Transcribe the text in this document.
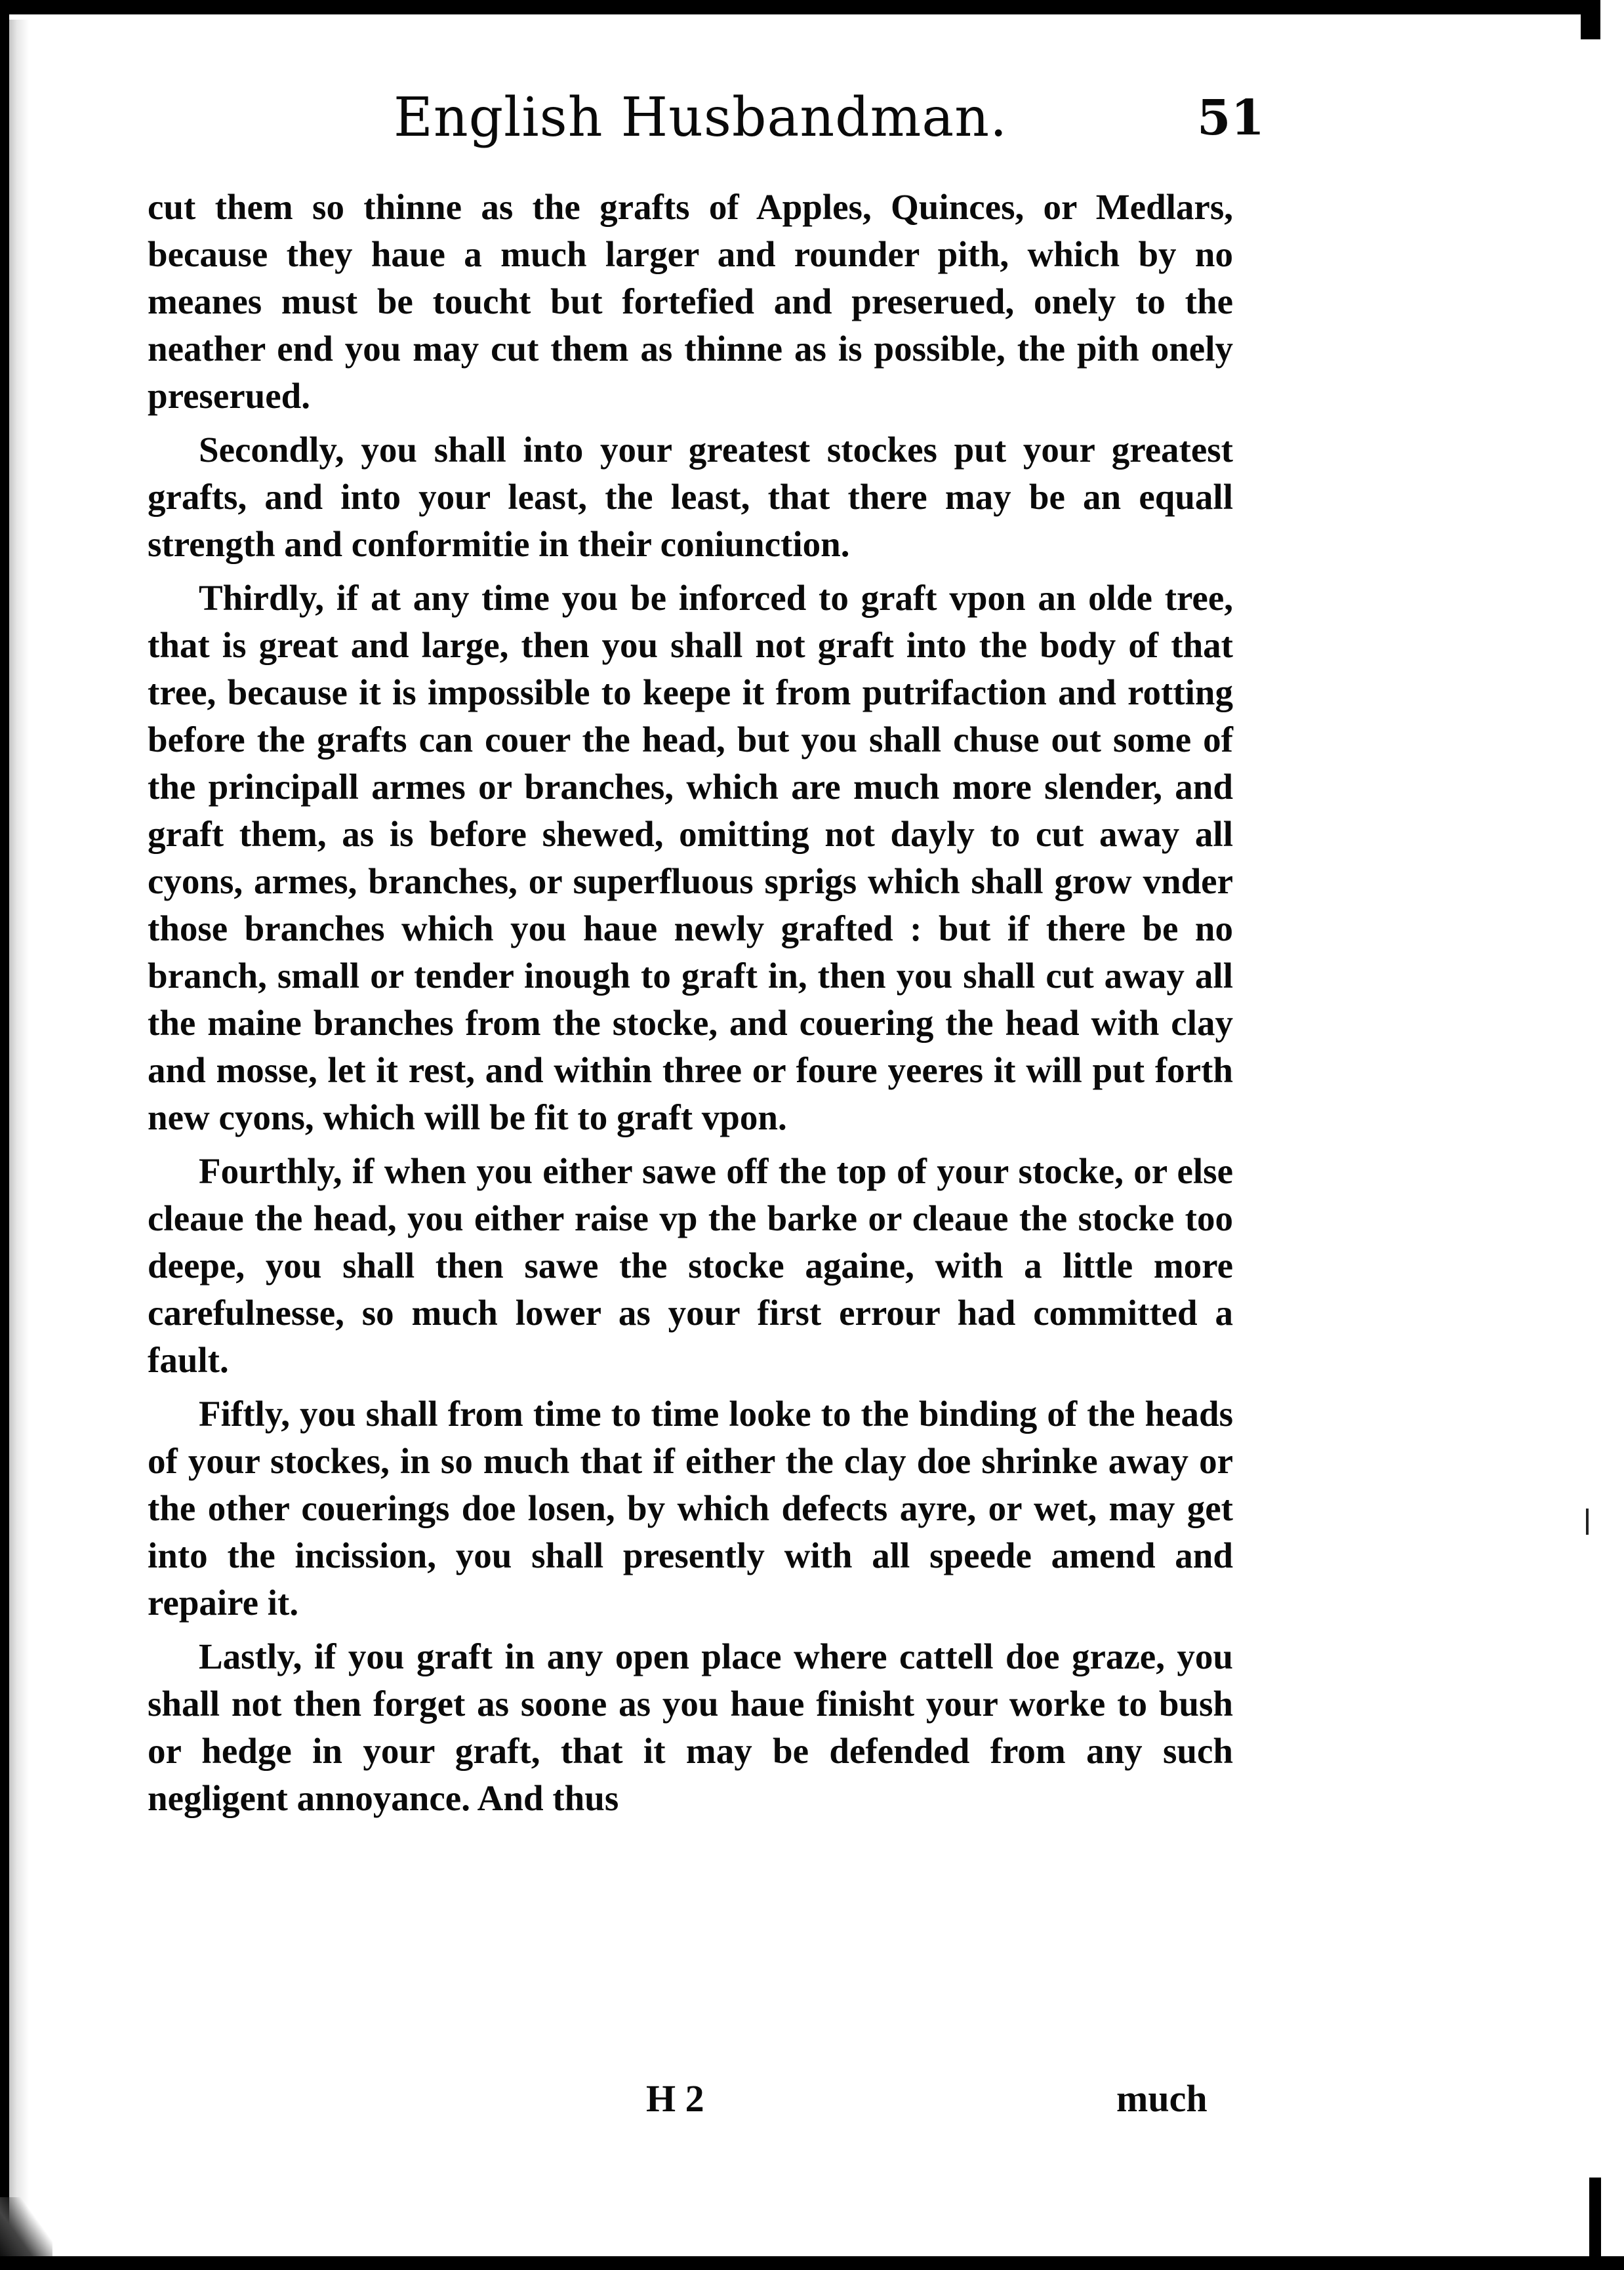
English Husbandman.	51

cut them so thinne as the grafts of Apples, Quinces, or Medlars, because they haue a much larger and rounder pith, which by no meanes must be toucht but fortefied and preserued, onely to the neather end you may cut them as thinne as is possible, the pith onely preserued.

Secondly, you shall into your greatest stockes put your greatest grafts, and into your least, the least, that there may be an equall strength and conformitie in their coniunction.

Thirdly, if at any time you be inforced to graft vpon an olde tree, that is great and large, then you shall not graft into the body of that tree, because it is impossible to keepe it from putrifaction and rotting before the grafts can couer the head, but you shall chuse out some of the principall armes or branches, which are much more slender, and graft them, as is before shewed, omitting not dayly to cut away all cyons, armes, branches, or superfluous sprigs which shall grow vnder those branches which you haue newly grafted : but if there be no branch, small or tender inough to graft in, then you shall cut away all the maine branches from the stocke, and couering the head with clay and mosse, let it rest, and within three or foure yeeres it will put forth new cyons, which will be fit to graft vpon.

Fourthly, if when you either sawe off the top of your stocke, or else cleaue the head, you either raise vp the barke or cleaue the stocke too deepe, you shall then sawe the stocke againe, with a little more carefulnesse, so much lower as your first errour had committed a fault.

Fiftly, you shall from time to time looke to the binding of the heads of your stockes, in so much that if either the clay doe shrinke away or the other couerings doe losen, by which defects ayre, or wet, may get into the incission, you shall presently with all speede amend and repaire it.

Lastly, if you graft in any open place where cattell doe graze, you shall not then forget as soone as you haue finisht your worke to bush or hedge in your graft, that it may be defended from any such negligent annoyance. And thus

H 2	much
